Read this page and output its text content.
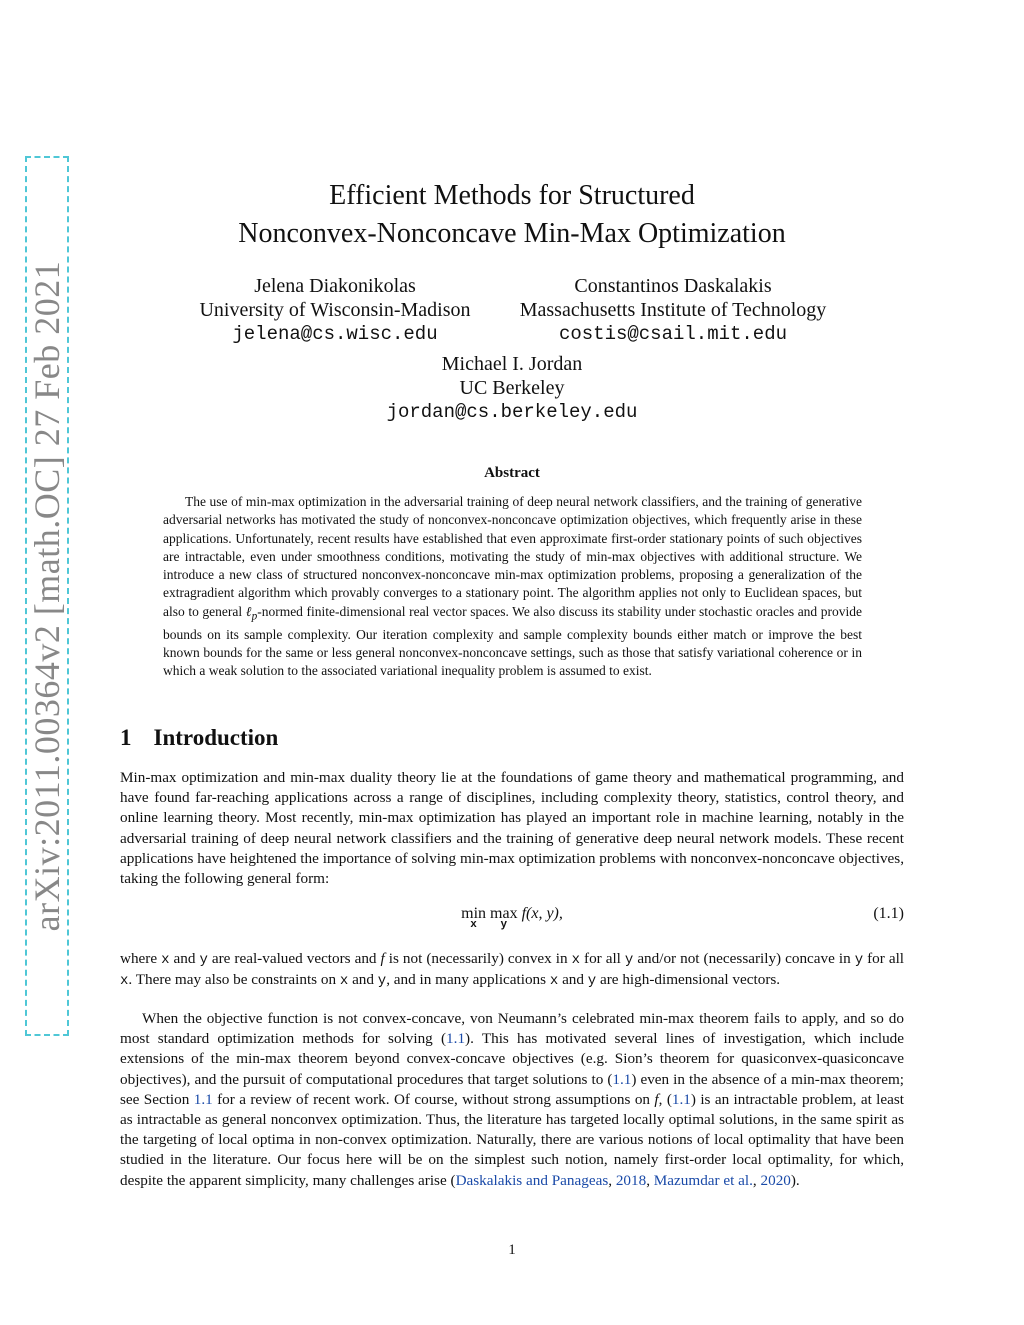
arXiv:2011.00364v2 [math.OC] 27 Feb 2021
Efficient Methods for Structured
Nonconvex-Nonconcave Min-Max Optimization
Jelena Diakonikolas
University of Wisconsin-Madison
jelena@cs.wisc.edu
Constantinos Daskalakis
Massachusetts Institute of Technology
costis@csail.mit.edu
Michael I. Jordan
UC Berkeley
jordan@cs.berkeley.edu
Abstract
The use of min-max optimization in the adversarial training of deep neural network classifiers, and the training of generative adversarial networks has motivated the study of nonconvex-nonconcave optimization objectives, which frequently arise in these applications. Unfortunately, recent results have established that even approximate first-order stationary points of such objectives are intractable, even under smoothness conditions, motivating the study of min-max objectives with additional structure. We introduce a new class of structured nonconvex-nonconcave min-max optimization problems, proposing a generalization of the extragradient algorithm which provably converges to a stationary point. The algorithm applies not only to Euclidean spaces, but also to general ℓ$_p$-normed finite-dimensional real vector spaces. We also discuss its stability under stochastic oracles and provide bounds on its sample complexity. Our iteration complexity and sample complexity bounds either match or improve the best known bounds for the same or less general nonconvex-nonconcave settings, such as those that satisfy variational coherence or in which a weak solution to the associated variational inequality problem is assumed to exist.
1 Introduction
Min-max optimization and min-max duality theory lie at the foundations of game theory and mathematical programming, and have found far-reaching applications across a range of disciplines, including complexity theory, statistics, control theory, and online learning theory. Most recently, min-max optimization has played an important role in machine learning, notably in the adversarial training of deep neural network classifiers and the training of generative deep neural network models. These recent applications have heightened the importance of solving min-max optimization problems with nonconvex-nonconcave objectives, taking the following general form:
min
x
max
y
f(x, y),	(1.1)
where x and y are real-valued vectors and f is not (necessarily) convex in x for all y and/or not (necessarily) concave in y for all x. There may also be constraints on x and y, and in many applications x and y are high-dimensional vectors.
When the objective function is not convex-concave, von Neumann’s celebrated min-max theorem fails to apply, and so do most standard optimization methods for solving (1.1). This has motivated several lines of investigation, which include extensions of the min-max theorem beyond convex-concave objectives (e.g. Sion’s theorem for quasiconvex-quasiconcave objectives), and the pursuit of computational procedures that target solutions to (1.1) even in the absence of a min-max theorem; see Section 1.1 for a review of recent work. Of course, without strong assumptions on f, (1.1) is an intractable problem, at least as intractable as general nonconvex optimization. Thus, the literature has targeted locally optimal solutions, in the same spirit as the targeting of local optima in non-convex optimization. Naturally, there are various notions of local optimality that have been studied in the literature. Our focus here will be on the simplest such notion, namely first-order local optimality, for which, despite the apparent simplicity, many challenges arise (Daskalakis and Panageas, 2018, Mazumdar et al., 2020).
1
